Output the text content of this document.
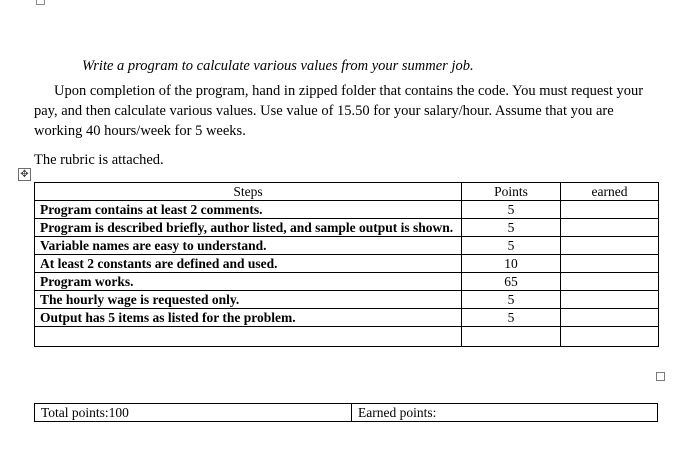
Write a program to calculate various values from your summer job.
Upon completion of the program, hand in zipped folder that contains the code. You must request your pay, and then calculate various values. Use value of 15.50 for your salary/hour. Assume that you are working 40 hours/week for 5 weeks.
The rubric is attached.
✥
Steps	Points	earned
Program contains at least 2 comments.	5	
Program is described briefly, author listed, and sample output is shown.	5	
Variable names are easy to understand.	5	
At least 2 constants are defined and used.	10	
Program works.	65	
The hourly wage is requested only.	5	
Output has 5 items as listed for the problem.	5	

Total points:100	Earned points:
